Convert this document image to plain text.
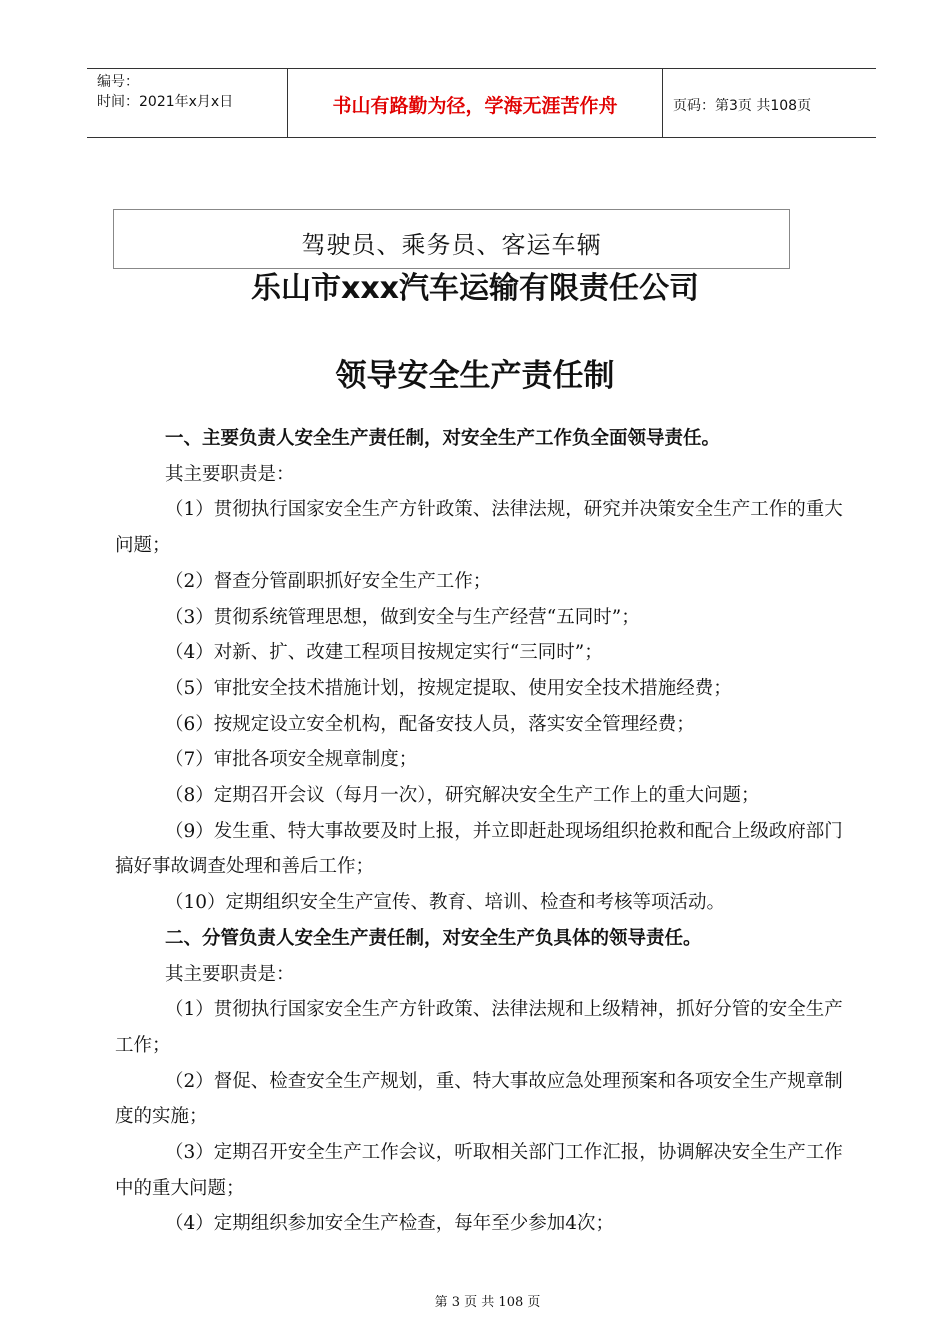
编号：
时间：2021年x月x日	书山有路勤为径，学海无涯苦作舟	页码：第3页 共108页
驾驶员、乘务员、客运车辆
乐山市xxx汽车运输有限责任公司
领导安全生产责任制

一、主要负责人安全生产责任制，对安全生产工作负全面领导责任。

其主要职责是：

（1）贯彻执行国家安全生产方针政策、法律法规，研究并决策安全生产工作的重大问题；

（2）督查分管副职抓好安全生产工作；

（3）贯彻系统管理思想，做到安全与生产经营“五同时”；

（4）对新、扩、改建工程项目按规定实行“三同时”；

（5）审批安全技术措施计划，按规定提取、使用安全技术措施经费；

（6）按规定设立安全机构，配备安技人员，落实安全管理经费；

（7）审批各项安全规章制度；

（8）定期召开会议（每月一次），研究解决安全生产工作上的重大问题；

（9）发生重、特大事故要及时上报，并立即赶赴现场组织抢救和配合上级政府部门搞好事故调查处理和善后工作；

（10）定期组织安全生产宣传、教育、培训、检查和考核等项活动。

二、分管负责人安全生产责任制，对安全生产负具体的领导责任。

其主要职责是：

（1）贯彻执行国家安全生产方针政策、法律法规和上级精神，抓好分管的安全生产工作；

（2）督促、检查安全生产规划，重、特大事故应急处理预案和各项安全生产规章制度的实施；

（3）定期召开安全生产工作会议，听取相关部门工作汇报，协调解决安全生产工作中的重大问题；

（4）定期组织参加安全生产检查，每年至少参加4次；

第 3 页 共 108 页
